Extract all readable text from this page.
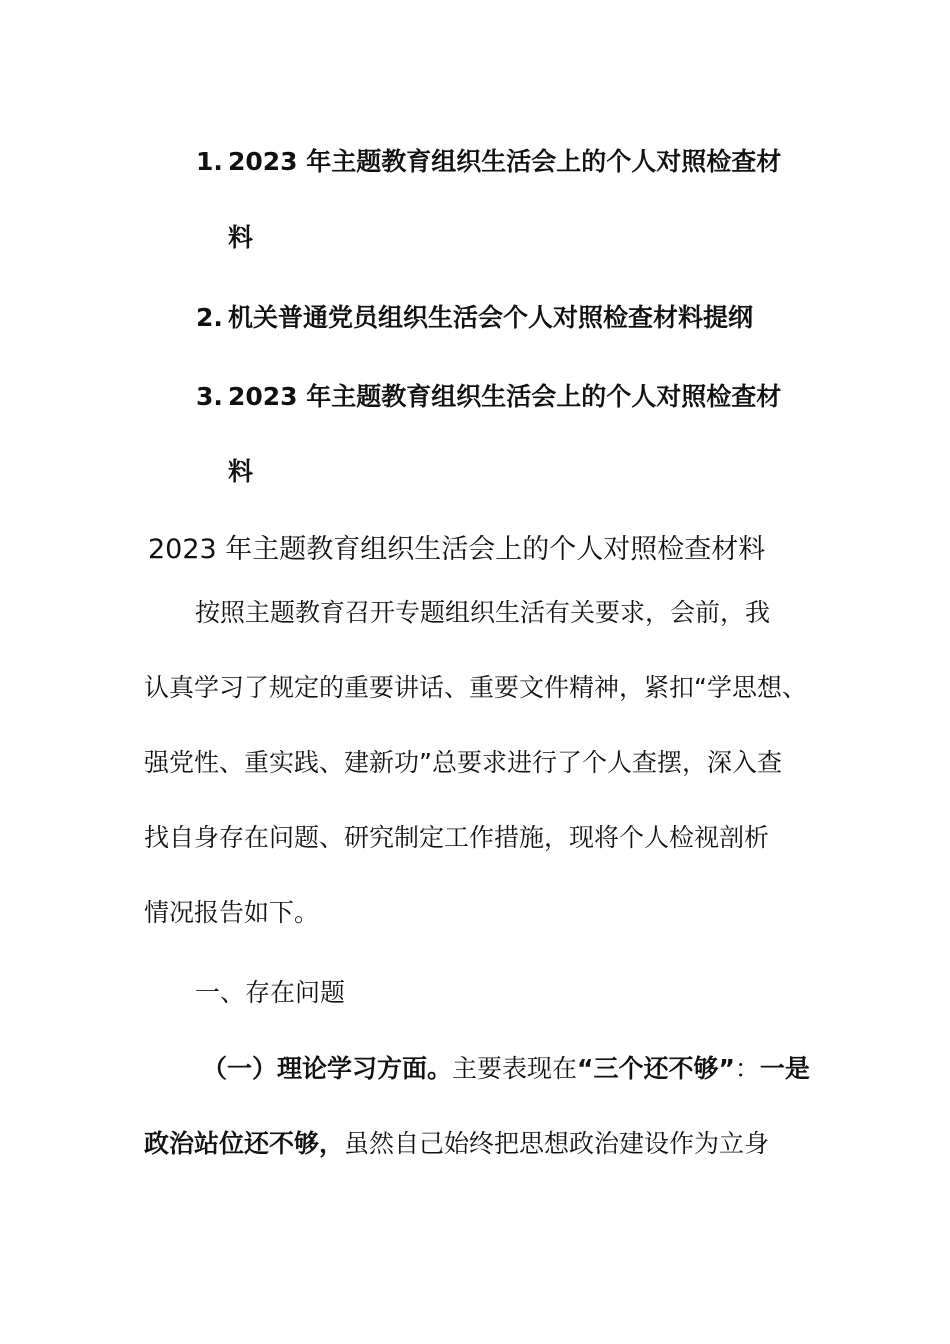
1. 2023 年主题教育组织生活会上的个人对照检查材

料

2. 机关普通党员组织生活会个人对照检查材料提纲

3. 2023 年主题教育组织生活会上的个人对照检查材

料
2023 年主题教育组织生活会上的个人对照检查材料
按照主题教育召开专题组织生活有关要求，会前，我
认真学习了规定的重要讲话、重要文件精神，紧扣“学思想、
强党性、重实践、建新功”总要求进行了个人查摆，深入查
找自身存在问题、研究制定工作措施，现将个人检视剖析
情况报告如下。
一、存在问题
（一）理论学习方面。主要表现在“三个还不够”：一是
政治站位还不够，虽然自己始终把思想政治建设作为立身
